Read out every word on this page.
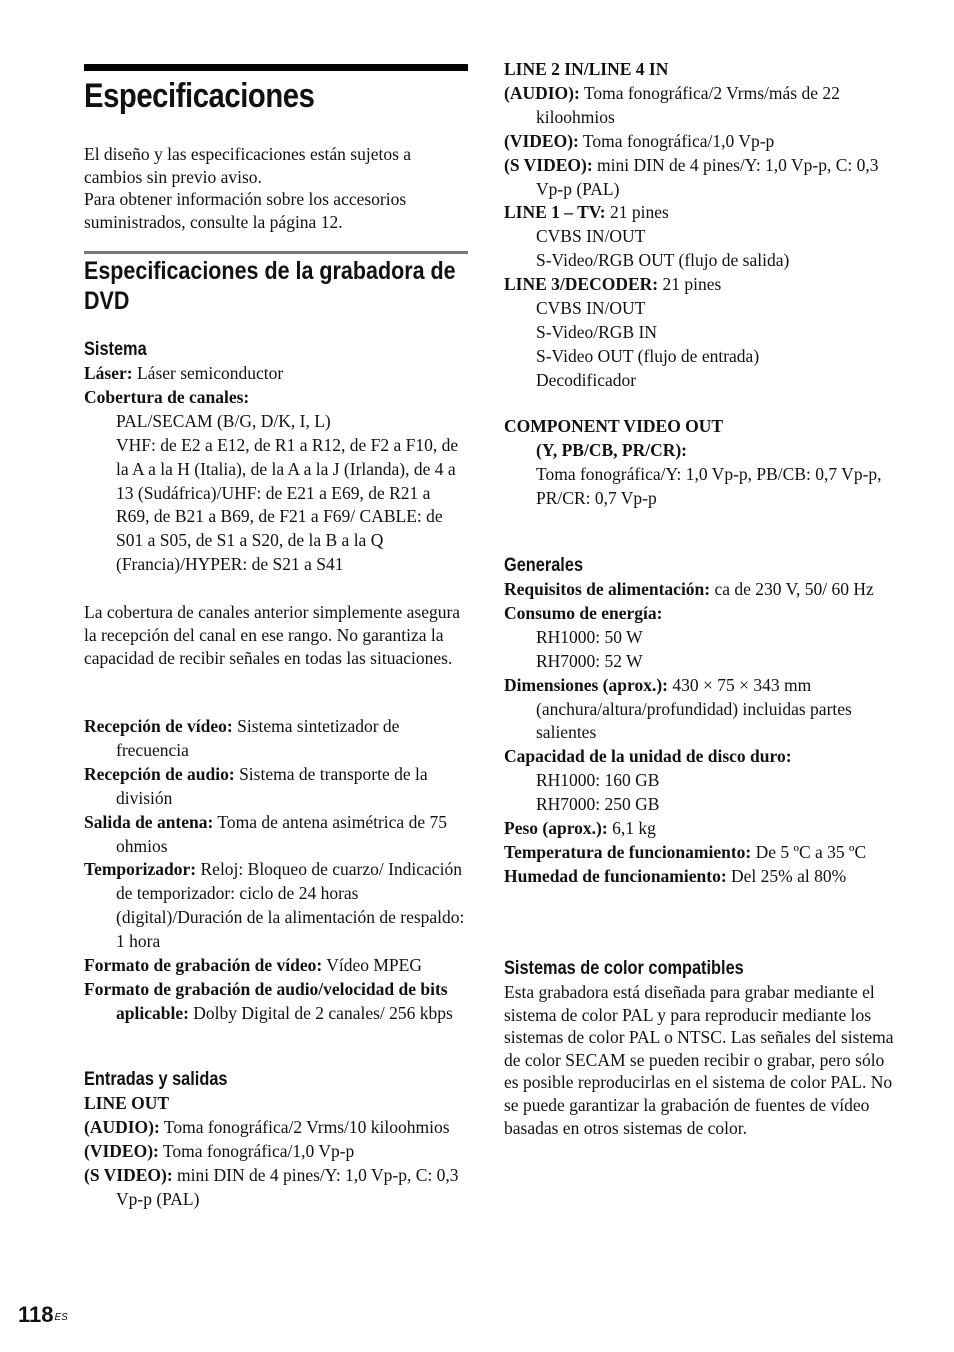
Especificaciones

El diseño y las especificaciones están sujetos a cambios sin previo aviso.

Para obtener información sobre los accesorios suministrados, consulte la página 12.

Especificaciones de la grabadora de DVD
Sistema

Láser: Láser semiconductor

Cobertura de canales:

PAL/SECAM (B/G, D/K, I, L)

VHF: de E2 a E12, de R1 a R12, de F2 a F10, de la A a la H (Italia), de la A a la J (Irlanda), de 4 a 13 (Sudáfrica)/UHF: de E21 a E69, de R21 a R69, de B21 a B69, de F21 a F69/ CABLE: de S01 a S05, de S1 a S20, de la B a la Q (Francia)/HYPER: de S21 a S41

La cobertura de canales anterior simplemente asegura la recepción del canal en ese rango. No garantiza la capacidad de recibir señales en todas las situaciones.

Recepción de vídeo: Sistema sintetizador de frecuencia

Recepción de audio: Sistema de transporte de la división

Salida de antena: Toma de antena asimétrica de 75 ohmios

Temporizador: Reloj: Bloqueo de cuarzo/ Indicación de temporizador: ciclo de 24 horas (digital)/Duración de la alimentación de respaldo: 1 hora

Formato de grabación de vídeo: Vídeo MPEG

Formato de grabación de audio/velocidad de bits aplicable: Dolby Digital de 2 canales/ 256 kbps

Entradas y salidas

LINE OUT

(AUDIO): Toma fonográfica/2 Vrms/10 kiloohmios

(VIDEO): Toma fonográfica/1,0 Vp-p

(S VIDEO): mini DIN de 4 pines/Y: 1,0 Vp-p, C: 0,3 Vp-p (PAL)

LINE 2 IN/LINE 4 IN

(AUDIO): Toma fonográfica/2 Vrms/más de 22 kiloohmios

(VIDEO): Toma fonográfica/1,0 Vp-p

(S VIDEO): mini DIN de 4 pines/Y: 1,0 Vp-p, C: 0,3 Vp-p (PAL)

LINE 1 – TV: 21 pines

CVBS IN/OUT

S-Video/RGB OUT (flujo de salida)

LINE 3/DECODER: 21 pines

CVBS IN/OUT

S-Video/RGB IN

S-Video OUT (flujo de entrada)

Decodificador

COMPONENT VIDEO OUT

(Y, PB/CB, PR/CR):

Toma fonográfica/Y: 1,0 Vp-p, PB/CB: 0,7 Vp-p,

PR/CR: 0,7 Vp-p

Generales

Requisitos de alimentación: ca de 230 V, 50/ 60 Hz

Consumo de energía:

RH1000: 50 W

RH7000: 52 W

Dimensiones (aprox.): 430 × 75 × 343 mm (anchura/altura/profundidad) incluidas partes salientes

Capacidad de la unidad de disco duro:

RH1000: 160 GB

RH7000: 250 GB

Peso (aprox.): 6,1 kg

Temperatura de funcionamiento: De 5 ºC a 35 ºC

Humedad de funcionamiento: Del 25% al 80%

Sistemas de color compatibles

Esta grabadora está diseñada para grabar mediante el sistema de color PAL y para reproducir mediante los sistemas de color PAL o NTSC. Las señales del sistema de color SECAM se pueden recibir o grabar, pero sólo es posible reproducirlas en el sistema de color PAL. No se puede garantizar la grabación de fuentes de vídeo basadas en otros sistemas de color.

$118^{ES}$
